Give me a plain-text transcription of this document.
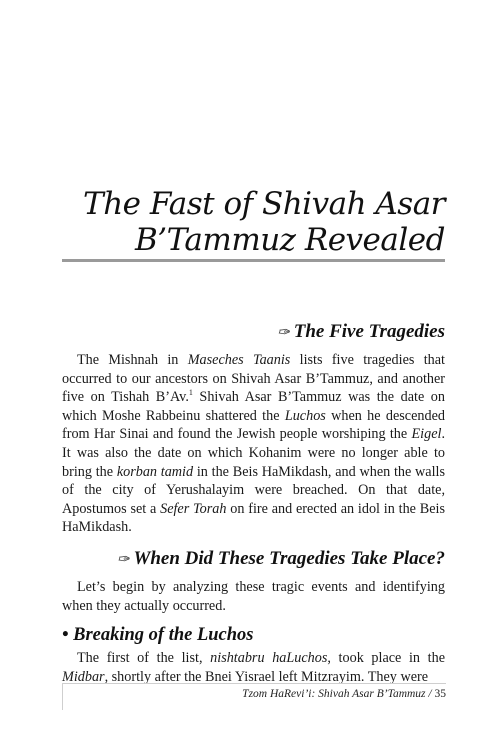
The Fast of Shivah Asar
B’Tammuz Revealed
✑ The Five Tragedies

The Mishnah in Maseches Taanis lists five tragedies that occurred to our ancestors on Shivah Asar B’Tammuz, and another five on Tishah B’Av.$^1$ Shivah Asar B’Tammuz was the date on which Moshe Rabbeinu shattered the Luchos when he descended from Har Sinai and found the Jewish people worshiping the Eigel. It was also the date on which Kohanim were no longer able to bring the korban tamid in the Beis HaMikdash, and when the walls of the city of Yerushalayim were breached. On that date, Apostumos set a Sefer Torah on fire and erected an idol in the Beis HaMikdash.

✑ When Did These Tragedies Take Place?

Let’s begin by analyzing these tragic events and identifying when they actually occurred.

• Breaking of the Luchos

The first of the list, nishtabru haLuchos, took place in the Midbar, shortly after the Bnei Yisrael left Mitzrayim. They were

Tzom HaRevi’i: Shivah Asar B’Tammuz / 35
